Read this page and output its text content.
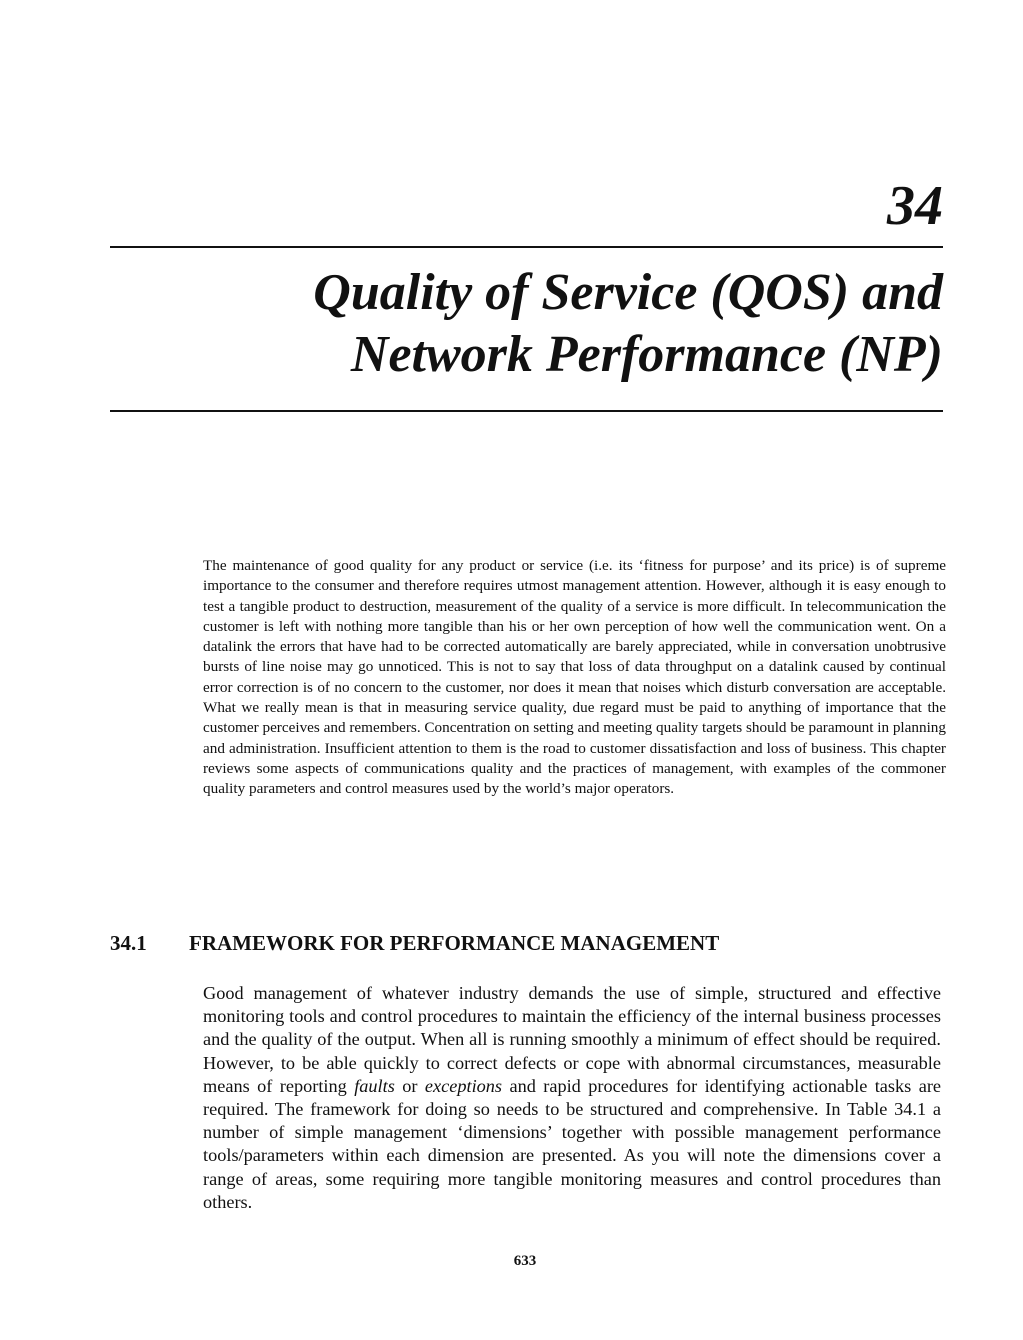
34
Quality of Service (QOS) and
Network Performance (NP)

The maintenance of good quality for any product or service (i.e. its ‘fitness for purpose’ and its price) is of supreme importance to the consumer and therefore requires utmost management attention. However, although it is easy enough to test a tangible product to destruction, measurement of the quality of a service is more difficult. In telecommunication the customer is left with nothing more tangible than his or her own perception of how well the communication went. On a datalink the errors that have had to be corrected automatically are barely appreciated, while in conversation unobtrusive bursts of line noise may go unnoticed. This is not to say that loss of data throughput on a datalink caused by continual error correction is of no concern to the customer, nor does it mean that noises which disturb conversation are acceptable. What we really mean is that in measuring service quality, due regard must be paid to anything of importance that the customer perceives and remembers. Concentration on setting and meeting quality targets should be paramount in planning and administration. Insufficient attention to them is the road to customer dissatisfaction and loss of business. This chapter reviews some aspects of communications quality and the practices of management, with examples of the commoner quality parameters and control measures used by the world’s major operators.

34.1 FRAMEWORK FOR PERFORMANCE MANAGEMENT

Good management of whatever industry demands the use of simple, structured and effective monitoring tools and control procedures to maintain the efficiency of the internal business processes and the quality of the output. When all is running smoothly a minimum of effect should be required. However, to be able quickly to correct defects or cope with abnormal circumstances, measurable means of reporting faults or exceptions and rapid procedures for identifying actionable tasks are required. The framework for doing so needs to be structured and comprehensive. In Table 34.1 a number of simple management ‘dimensions’ together with possible management performance tools/parameters within each dimension are presented. As you will note the dimensions cover a range of areas, some requiring more tangible monitoring measures and control procedures than others.

633
